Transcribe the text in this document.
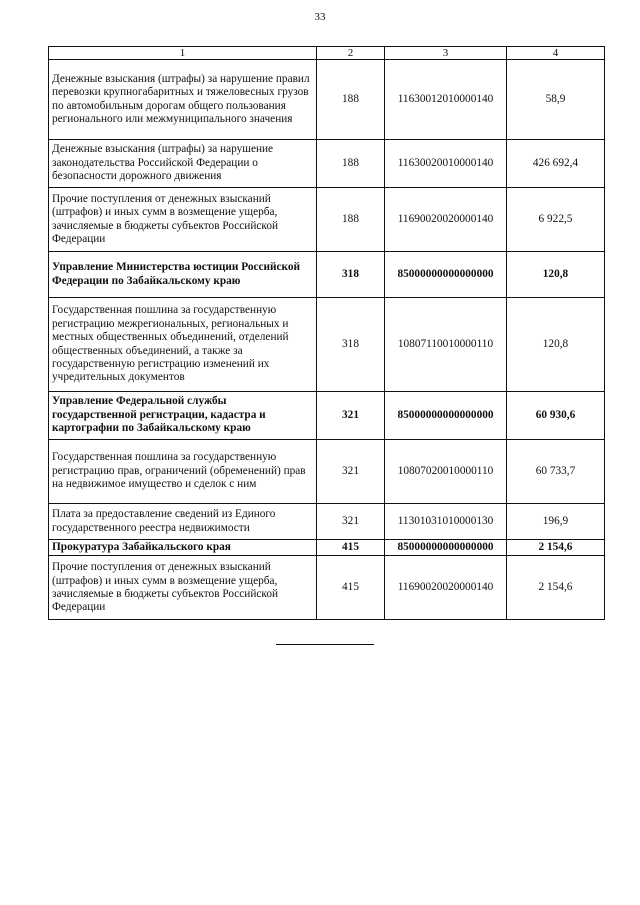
33
1	2	3	4
Денежные взыскания (штрафы) за нарушение правил перевозки крупногабаритных и тяжеловесных грузов по автомобильным дорогам общего пользования регионального или межмуниципального значения	188	11630012010000140	58,9
Денежные взыскания (штрафы) за нарушение законодательства Российской Федерации о безопасности дорожного движения	188	11630020010000140	426 692,4
Прочие поступления от денежных взысканий (штрафов) и иных сумм в возмещение ущерба, зачисляемые в бюджеты субъектов Российской Федерации	188	11690020020000140	6 922,5
Управление Министерства юстиции Российской Федерации по Забайкальскому краю	318	85000000000000000	120,8
Государственная пошлина за государственную регистрацию межрегиональных, региональных и местных общественных объединений, отделений общественных объединений, а также за государственную регистрацию изменений их учредительных документов	318	10807110010000110	120,8
Управление Федеральной службы государственной регистрации, кадастра и картографии по Забайкальскому краю	321	85000000000000000	60 930,6
Государственная пошлина за государственную регистрацию прав, ограничений (обременений) прав на недвижимое имущество и сделок с ним	321	10807020010000110	60 733,7
Плата за предоставление сведений из Единого государственного реестра недвижимости	321	11301031010000130	196,9
Прокуратура Забайкальского края	415	85000000000000000	2 154,6
Прочие поступления от денежных взысканий (штрафов) и иных сумм в возмещение ущерба, зачисляемые в бюджеты субъектов Российской Федерации	415	11690020020000140	2 154,6
